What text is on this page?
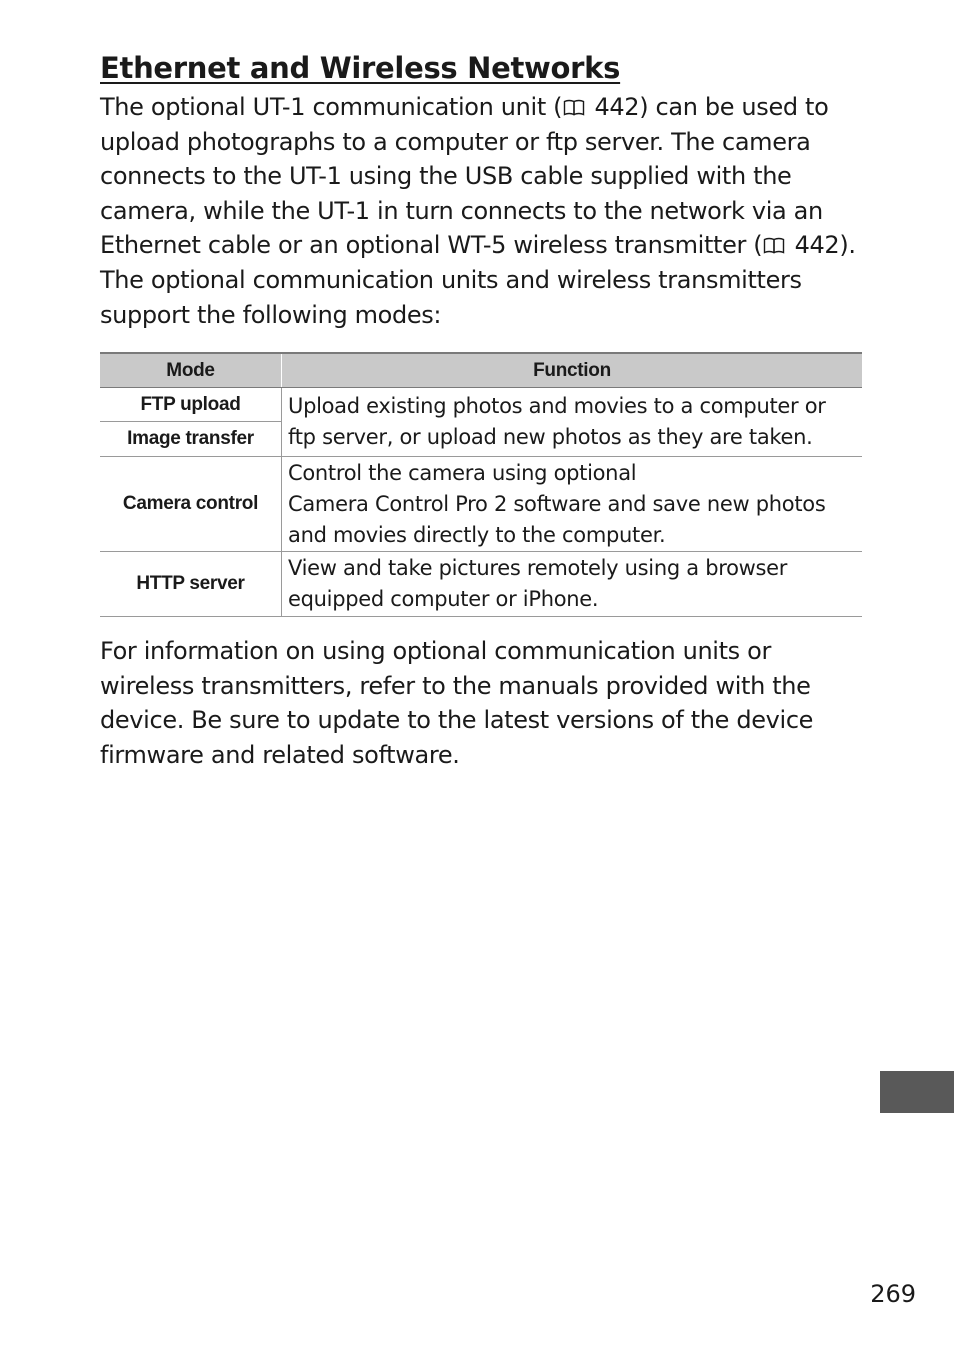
Ethernet and Wireless Networks

The optional UT-1 communication unit (
442) can be used to
upload photographs to a computer or ftp server. The camera
connects to the UT-1 using the USB cable supplied with the
camera, while the UT-1 in turn connects to the network via an
Ethernet cable or an optional WT-5 wireless transmitter (
442).
The optional communication units and wireless transmitters
support the following modes:

Mode	Function
FTP upload	Upload existing photos and movies to a computer or
ftp server, or upload new photos as they are taken.
Image transfer	
Camera control	Control the camera using optional
Camera Control Pro 2 software and save new photos
and movies directly to the computer.
HTTP server	View and take pictures remotely using a browser
equipped computer or iPhone.

For information on using optional communication units or
wireless transmitters, refer to the manuals provided with the
device. Be sure to update to the latest versions of the device
firmware and related software.

269
